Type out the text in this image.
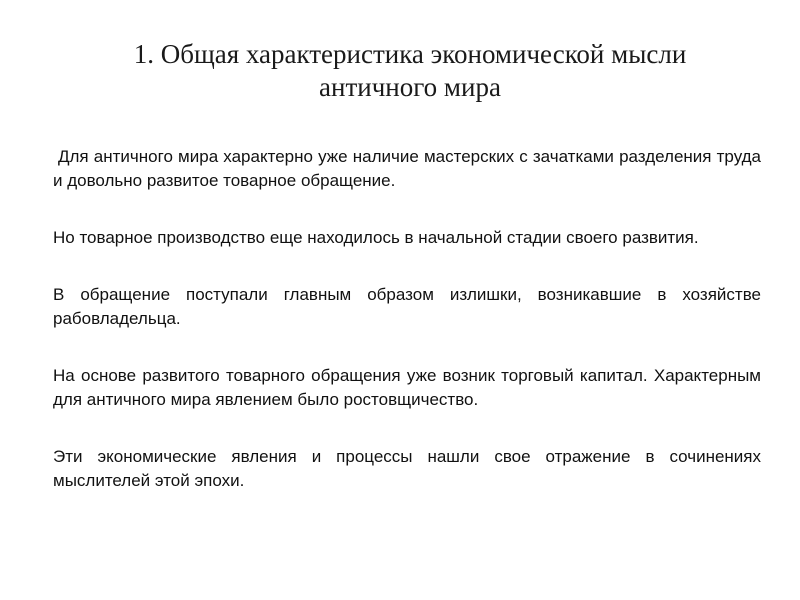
1. Общая характеристика экономической мысли
античного мира

Для античного мира характерно уже наличие мастерских с зачатками разделения труда и довольно развитое товарное обращение.

Но товарное производство еще находилось в начальной стадии своего развития.

В обращение поступали главным образом излишки, возникавшие в хозяйстве рабовладельца.

На основе развитого товарного обращения уже возник торговый капитал. Характерным для античного мира явлением было ростовщичество.

Эти экономические явления и процессы нашли свое отражение в сочинениях мыслителей этой эпохи.
